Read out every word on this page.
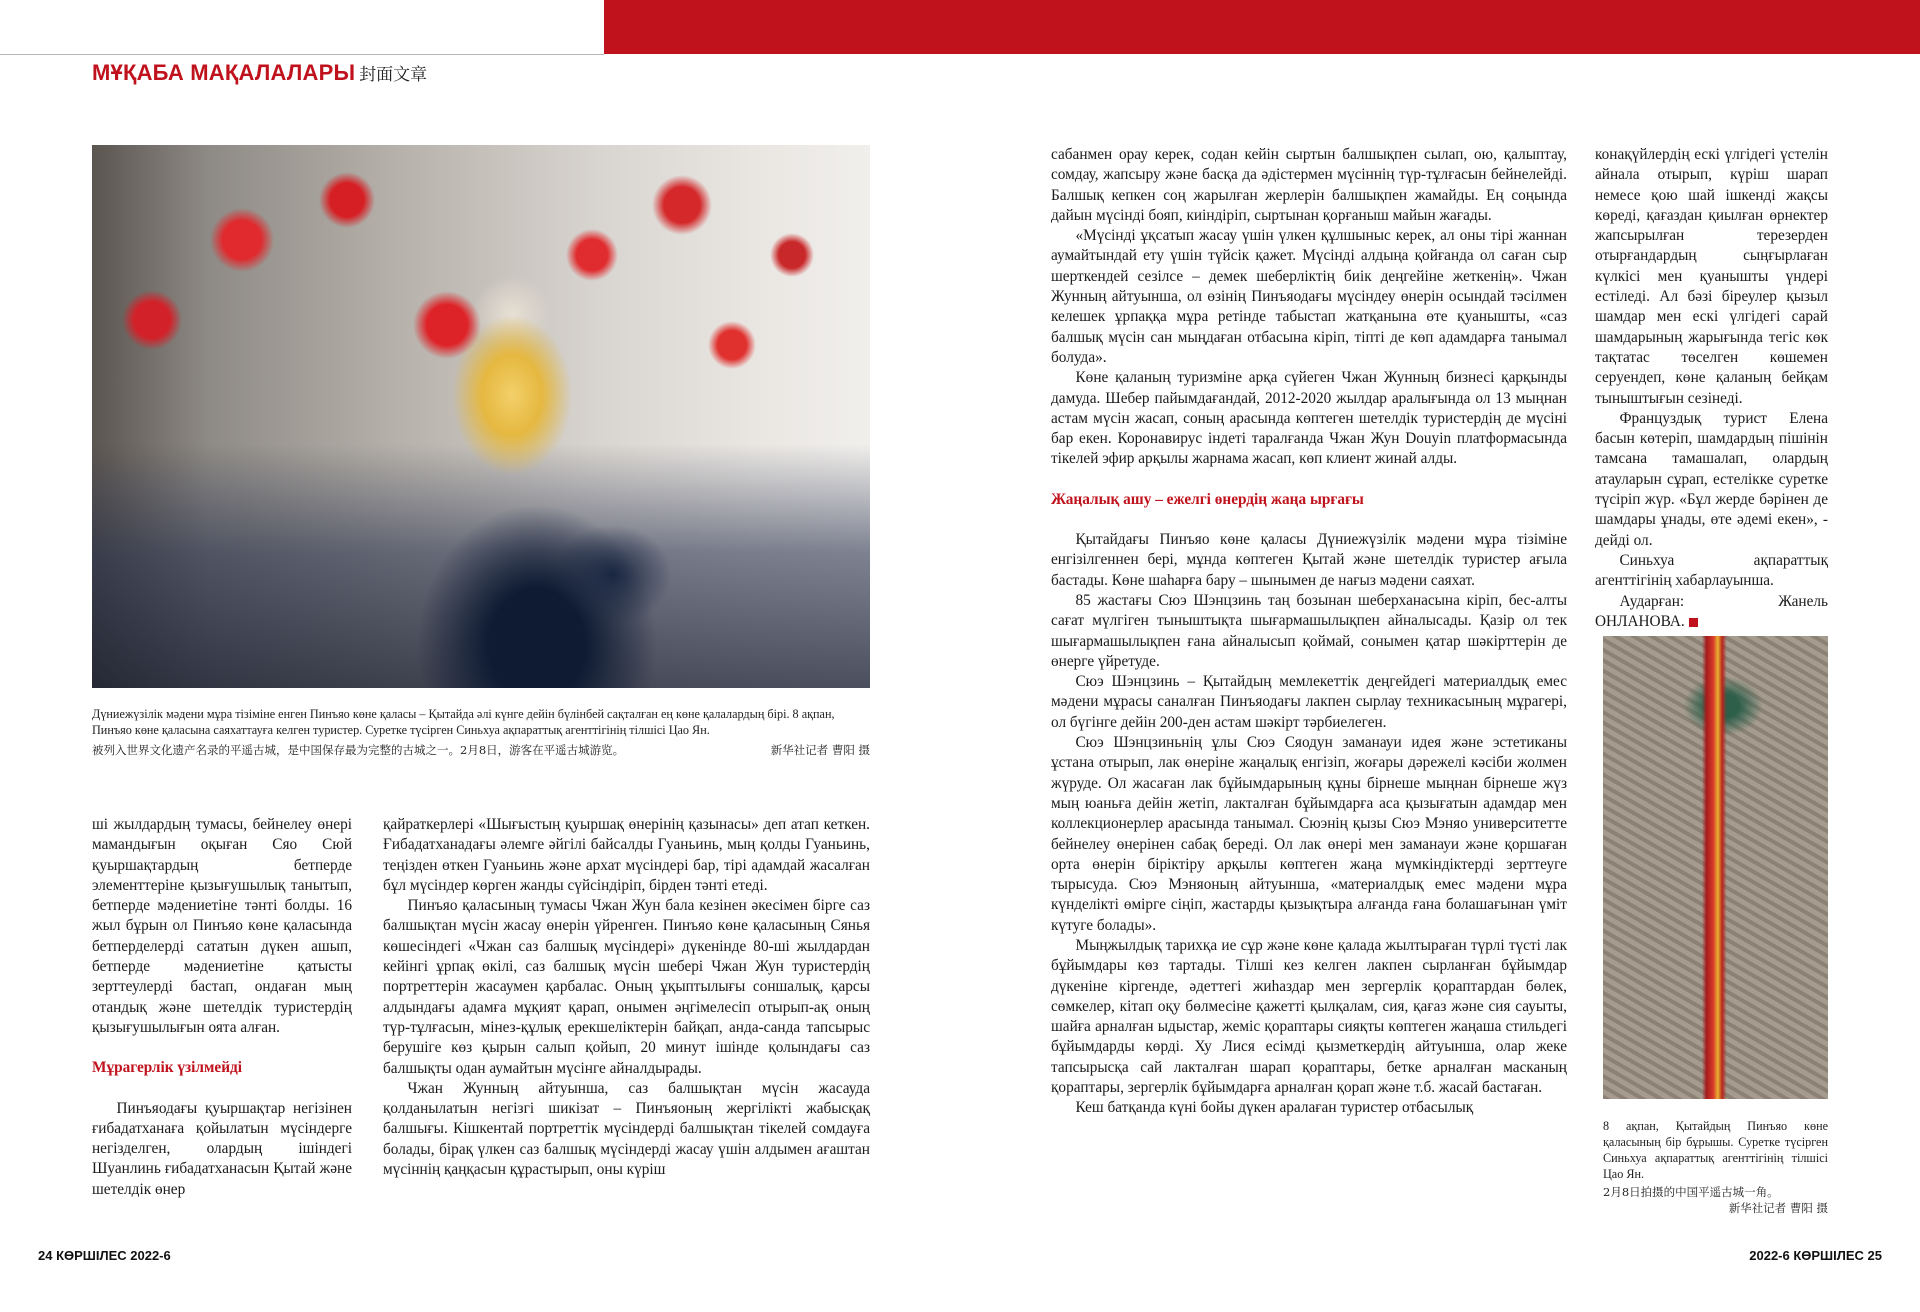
МҰҚАБА МАҚАЛАЛАРЫ 封面文章
Дүниежүзілік мәдени мұра тізіміне енген Пинъяо көне қаласы – Қытайда әлі күнге дейін бүлінбей сақталған ең көне қалалардың бірі. 8 ақпан, Пинъяо көне қаласына саяхаттауға келген туристер. Суретке түсірген Синьхуа ақпараттық агенттігінің тілшісі Цао Ян.
被列入世界文化遗产名录的平遥古城，是中国保存最为完整的古城之一。2月8日，游客在平遥古城游览。	新华社记者 曹阳 摄

ші жылдардың тумасы, бейнелеу өнері мамандығын оқыған Сяо Сюй қуыршақтардың бетперде элементтеріне қызығушылық танытып, бетперде мәдениетіне тәнті болды. 16 жыл бұрын ол Пинъяо көне қаласында бетперделерді сататын дүкен ашып, бетперде мәдениетіне қатысты зерттеулерді бастап, ондаған мың отандық және шетелдік туристердің қызығушылығын оята алған.

Мұрагерлік үзілмейді

Пинъяодағы қуыршақтар негізінен ғибадатханаға қойылатын мүсіндерге негізделген, олардың ішіндегі Шуанлинь ғибадатханасын Қытай және шетелдік өнер

қайраткерлері «Шығыстың қуыршақ өнерінің қазынасы» деп атап кеткен. Ғибадатханадағы әлемге әйгілі байсалды Гуаньинь, мың қолды Гуаньинь, теңізден өткен Гуаньинь және архат мүсіндері бар, тірі адамдай жасалған бұл мүсіндер көрген жанды сүйсіндіріп, бірден тәнті етеді.

Пинъяо қаласының тумасы Чжан Жун бала кезінен әкесімен бірге саз балшықтан мүсін жасау өнерін үйренген. Пинъяо көне қаласының Сянья көшесіндегі «Чжан саз балшық мүсіндері» дүкенінде 80-ші жылдардан кейінгі ұрпақ өкілі, саз балшық мүсін шебері Чжан Жун туристердің портреттерін жасаумен қарбалас. Оның ұқыптылығы соншалық, қарсы алдындағы адамға мұқият қарап, онымен әңгімелесіп отырып-ақ оның түр-тұлғасын, мінез-құлық ерекшеліктерін байқап, анда-санда тапсырыс берушіге көз қырын салып қойып, 20 минут ішінде қолындағы саз балшықты одан аумайтын мүсінге айналдырады.

Чжан Жунның айтуынша, саз балшықтан мүсін жасауда қолданылатын негізгі шикізат – Пинъяоның жергілікті жабысқақ балшығы. Кішкентай портреттік мүсіндерді балшықтан тікелей сомдауға болады, бірақ үлкен саз балшық мүсіндерді жасау үшін алдымен ағаштан мүсіннің қаңқасын құрастырып, оны күріш

сабанмен орау керек, содан кейін сыртын балшықпен сылап, ою, қалыптау, сомдау, жапсыру және басқа да әдістермен мүсіннің түр-тұлғасын бейнелейді. Балшық кепкен соң жарылған жерлерін балшықпен жамайды. Ең соңында дайын мүсінді бояп, киіндіріп, сыртынан қорғаныш майын жағады.

«Мүсінді ұқсатып жасау үшін үлкен құлшыныс керек, ал оны тірі жаннан аумайтындай ету үшін түйсік қажет. Мүсінді алдыңа қойғанда ол саған сыр шерткендей сезілсе – демек шеберліктің биік деңгейіне жеткенің». Чжан Жунның айтуынша, ол өзінің Пинъяодағы мүсіндеу өнерін осындай тәсілмен келешек ұрпаққа мұра ретінде табыстап жатқанына өте қуанышты, «саз балшық мүсін сан мыңдаған отбасына кіріп, тіпті де көп адамдарға танымал болуда».

Көне қаланың туризміне арқа сүйеген Чжан Жунның бизнесі қарқынды дамуда. Шебер пайымдағандай, 2012-2020 жылдар аралығында ол 13 мыңнан астам мүсін жасап, соның арасында көптеген шетелдік туристердің де мүсіні бар екен. Коронавирус індеті таралғанда Чжан Жун Douyin платформасында тікелей эфир арқылы жарнама жасап, көп клиент жинай алды.

Жаңалық ашу – ежелгі өнердің жаңа ырғағы

Қытайдағы Пинъяо көне қаласы Дүниежүзілік мәдени мұра тізіміне енгізілгеннен бері, мұнда көптеген Қытай және шетелдік туристер ағыла бастады. Көне шаһарға бару – шынымен де нағыз мәдени саяхат.

85 жастағы Сюэ Шэнцзинь таң бозынан шеберханасына кіріп, бес-алты сағат мүлгіген тыныштықта шығармашылықпен айналысады. Қазір ол тек шығармашылықпен ғана айналысып қоймай, сонымен қатар шәкірттерін де өнерге үйретуде.

Сюэ Шэнцзинь – Қытайдың мемлекеттік деңгейдегі материалдық емес мәдени мұрасы саналған Пинъяодағы лакпен сырлау техникасының мұрагері, ол бүгінге дейін 200-ден астам шәкірт тәрбиелеген.

Сюэ Шэнцзиньнің ұлы Сюэ Сяодун заманауи идея және эстетиканы ұстана отырып, лак өнеріне жаңалық енгізіп, жоғары дәрежелі кәсіби жолмен жүруде. Ол жасаған лак бұйымдарының құны бірнеше мыңнан бірнеше жүз мың юаньға дейін жетіп, лакталған бұйымдарға аса қызығатын адамдар мен коллекционерлер арасында танымал. Сюэнің қызы Сюэ Мэняо университетте бейнелеу өнерінен сабақ береді. Ол лак өнері мен заманауи және қоршаған орта өнерін біріктіру арқылы көптеген жаңа мүмкіндіктерді зерттеуге тырысуда. Сюэ Мэняоның айтуынша, «материалдық емес мәдени мұра күнделікті өмірге сіңіп, жастарды қызықтыра алғанда ғана болашағынан үміт күтуге болады».

Мыңжылдық тарихқа ие сұр және көне қалада жылтыраған түрлі түсті лак бұйымдары көз тартады. Тілші кез келген лакпен сырланған бұйымдар дүкеніне кіргенде, әдеттегі жиһаздар мен зергерлік қораптардан бөлек, сөмкелер, кітап оқу бөлмесіне қажетті қылқалам, сия, қағаз және сия сауыты, шайға арналған ыдыстар, жеміс қораптары сияқты көптеген жаңаша стильдегі бұйымдарды көрді. Ху Лися есімді қызметкердің айтуынша, олар жеке тапсырысқа сай лакталған шарап қораптары, бетке арналған масканың қораптары, зергерлік бұйымдарға арналған қорап және т.б. жасай бастаған.

Кеш батқанда күні бойы дүкен аралаған туристер отбасылық

конақүйлердің ескі үлгідегі үстелін айнала отырып, күріш шарап немесе қою шай ішкенді жақсы көреді, қағаздан қиылған өрнектер жапсырылған терезерден отырғандардың сыңғырлаған күлкісі мен қуанышты үндері естіледі. Ал бәзі біреулер қызыл шамдар мен ескі үлгідегі сарай шамдарының жарығында тегіс көк тақтатас төселген көшемен серуендеп, көне қаланың бейқам тыныштығын сезінеді.

Француздық турист Елена басын көтеріп, шамдардың пішінін тамсана тамашалап, олардың атауларын сұрап, естелікке суретке түсіріп жүр. «Бұл жерде бәрінен де шамдары ұнады, өте әдемі екен», - дейді ол.

Синьхуа ақпараттық агенттігінің хабарлауынша.

Аударған: Жанель ОНЛАНОВА.

8 ақпан, Қытайдың Пинъяо көне қаласының бір бұрышы. Суретке түсірген Синьхуа ақпараттық агенттігінің тілшісі Цао Ян.
2月8日拍摄的中国平遥古城一角。
新华社记者 曹阳 摄
24 КӨРШІЛЕС 2022-6	2022-6 КӨРШІЛЕС 25
